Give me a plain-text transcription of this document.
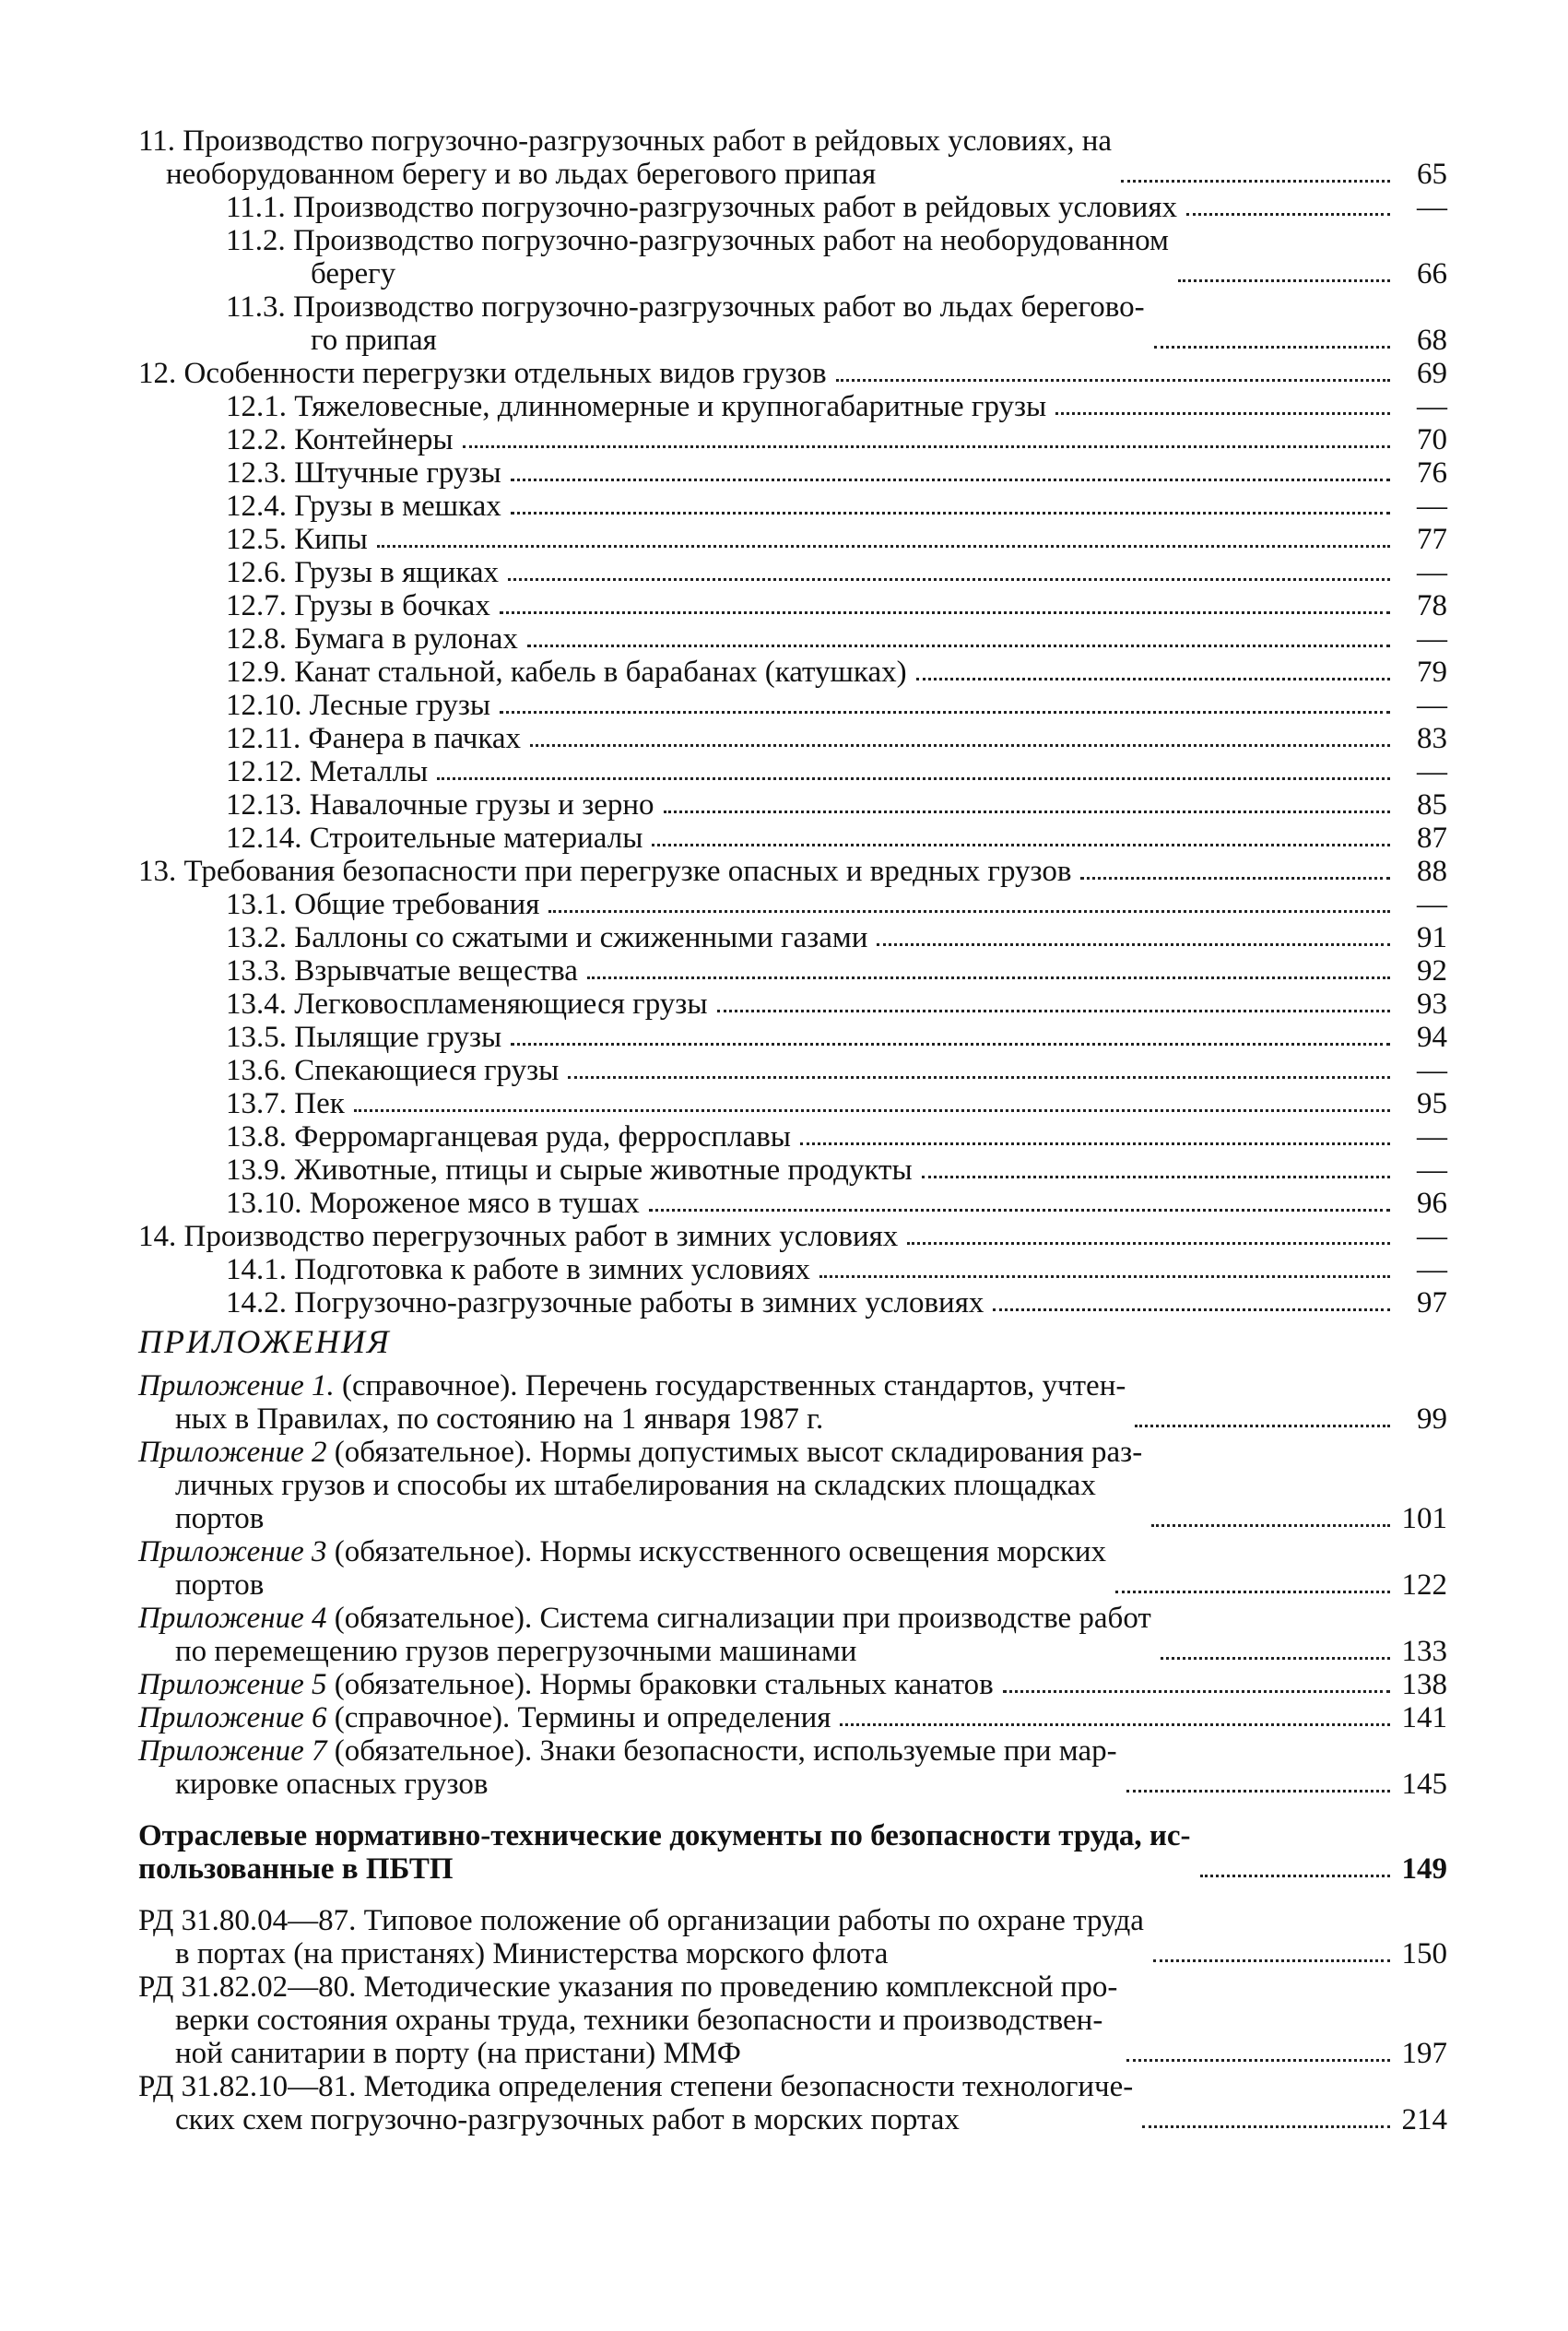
11. Производство погрузочно-разгрузочных работ в рейдовых условиях, на
необорудованном берегу и во льдах берегового припая	65
11.1. Производство погрузочно-разгрузочных работ в рейдовых условиях	—
11.2. Производство погрузочно-разгрузочных работ на необорудованном
берегу	66
11.3. Производство погрузочно-разгрузочных работ во льдах берегово-
го припая	68
12. Особенности перегрузки отдельных видов грузов	69
12.1. Тяжеловесные, длинномерные и крупногабаритные грузы	—
12.2. Контейнеры	70
12.3. Штучные грузы	76
12.4. Грузы в мешках	—
12.5. Кипы	77
12.6. Грузы в ящиках	—
12.7. Грузы в бочках	78
12.8. Бумага в рулонах	—
12.9. Канат стальной, кабель в барабанах (катушках)	79
12.10. Лесные грузы	—
12.11. Фанера в пачках	83
12.12. Металлы	—
12.13. Навалочные грузы и зерно	85
12.14. Строительные материалы	87
13. Требования безопасности при перегрузке опасных и вредных грузов	88
13.1. Общие требования	—
13.2. Баллоны со сжатыми и сжиженными газами	91
13.3. Взрывчатые вещества	92
13.4. Легковоспламеняющиеся грузы	93
13.5. Пылящие грузы	94
13.6. Спекающиеся грузы	—
13.7. Пек	95
13.8. Ферромарганцевая руда, ферросплавы	—
13.9. Животные, птицы и сырые животные продукты	—
13.10. Мороженое мясо в тушах	96
14. Производство перегрузочных работ в зимних условиях	—
14.1. Подготовка к работе в зимних условиях	—
14.2. Погрузочно-разгрузочные работы в зимних условиях	97
ПРИЛОЖЕНИЯ
Приложение 1. (справочное). Перечень государственных стандартов, учтен-
ных в Правилах, по состоянию на 1 января 1987 г.	99
Приложение 2 (обязательное). Нормы допустимых высот складирования раз-
личных грузов и способы их штабелирования на складских площадках
портов	101
Приложение 3 (обязательное). Нормы искусственного освещения морских
портов	122
Приложение 4 (обязательное). Система сигнализации при производстве работ
по перемещению грузов перегрузочными машинами	133
Приложение 5 (обязательное). Нормы браковки стальных канатов	138
Приложение 6 (справочное). Термины и определения	141
Приложение 7 (обязательное). Знаки безопасности, используемые при мар-
кировке опасных грузов	145
Отраслевые нормативно-технические документы по безопасности труда, ис-
пользованные в ПБТП	149
РД 31.80.04—87. Типовое положение об организации работы по охране труда
в портах (на пристанях) Министерства морского флота	150
РД 31.82.02—80. Методические указания по проведению комплексной про-
верки состояния охраны труда, техники безопасности и производствен-
ной санитарии в порту (на пристани) ММФ	197
РД 31.82.10—81. Методика определения степени безопасности технологиче-
ских схем погрузочно-разгрузочных работ в морских портах	214
